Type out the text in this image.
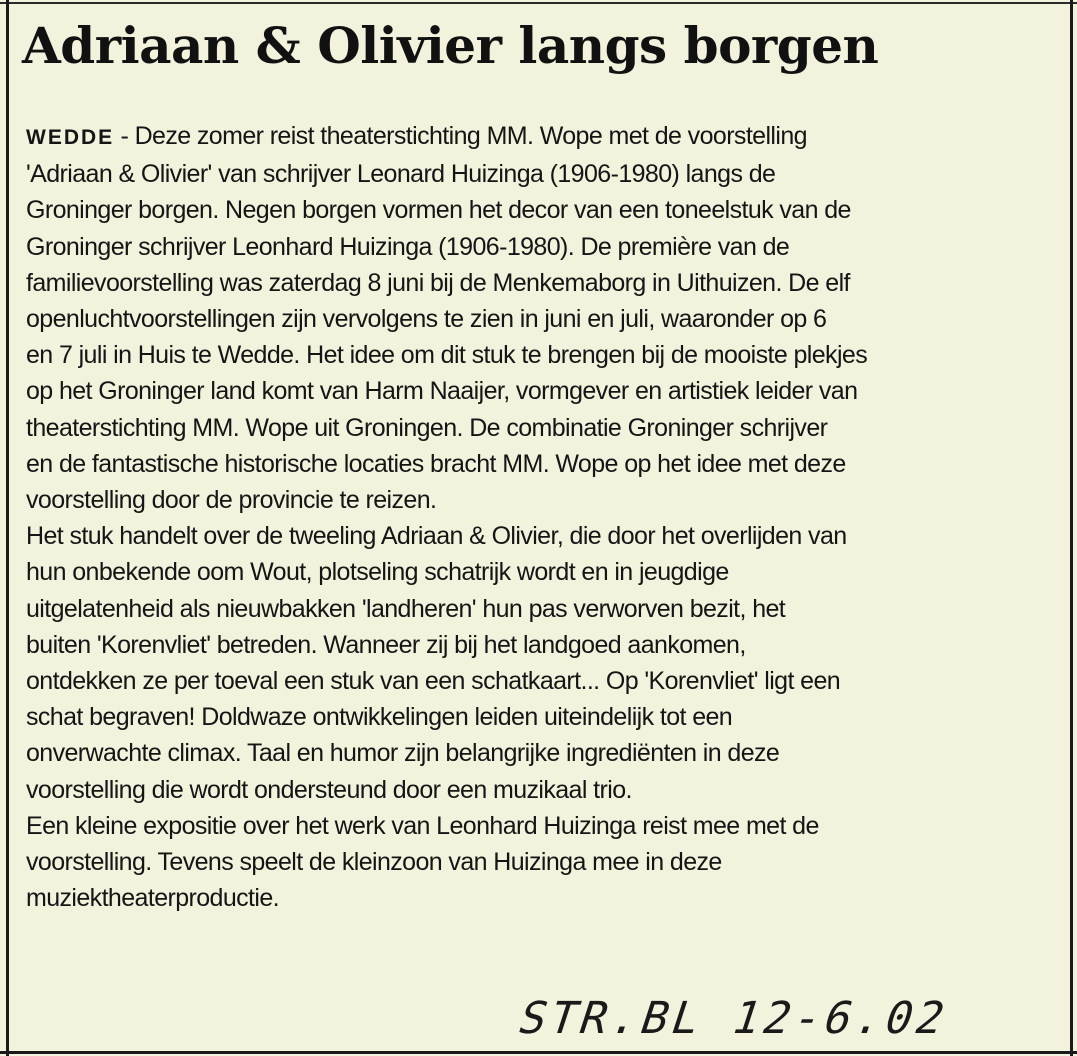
Adriaan & Olivier langs borgen

WEDDE - Deze zomer reist theaterstichting MM. Wope met de voorstelling
'Adriaan & Olivier' van schrijver Leonard Huizinga (1906-1980) langs de
Groninger borgen. Negen borgen vormen het decor van een toneelstuk van de
Groninger schrijver Leonhard Huizinga (1906-1980). De première van de
familievoorstelling was zaterdag 8 juni bij de Menkemaborg in Uithuizen. De elf
openluchtvoorstellingen zijn vervolgens te zien in juni en juli, waaronder op 6
en 7 juli in Huis te Wedde. Het idee om dit stuk te brengen bij de mooiste plekjes
op het Groninger land komt van Harm Naaijer, vormgever en artistiek leider van
theaterstichting MM. Wope uit Groningen. De combinatie Groninger schrijver
en de fantastische historische locaties bracht MM. Wope op het idee met deze
voorstelling door de provincie te reizen.

Het stuk handelt over de tweeling Adriaan & Olivier, die door het overlijden van
hun onbekende oom Wout, plotseling schatrijk wordt en in jeugdige
uitgelatenheid als nieuwbakken 'landheren' hun pas verworven bezit, het
buiten 'Korenvliet' betreden. Wanneer zij bij het landgoed aankomen,
ontdekken ze per toeval een stuk van een schatkaart... Op 'Korenvliet' ligt een
schat begraven! Doldwaze ontwikkelingen leiden uiteindelijk tot een
onverwachte climax. Taal en humor zijn belangrijke ingrediënten in deze
voorstelling die wordt ondersteund door een muzikaal trio.

Een kleine expositie over het werk van Leonhard Huizinga reist mee met de
voorstelling. Tevens speelt de kleinzoon van Huizinga mee in deze
muziektheaterproductie.

STR.BL 12-6.02
